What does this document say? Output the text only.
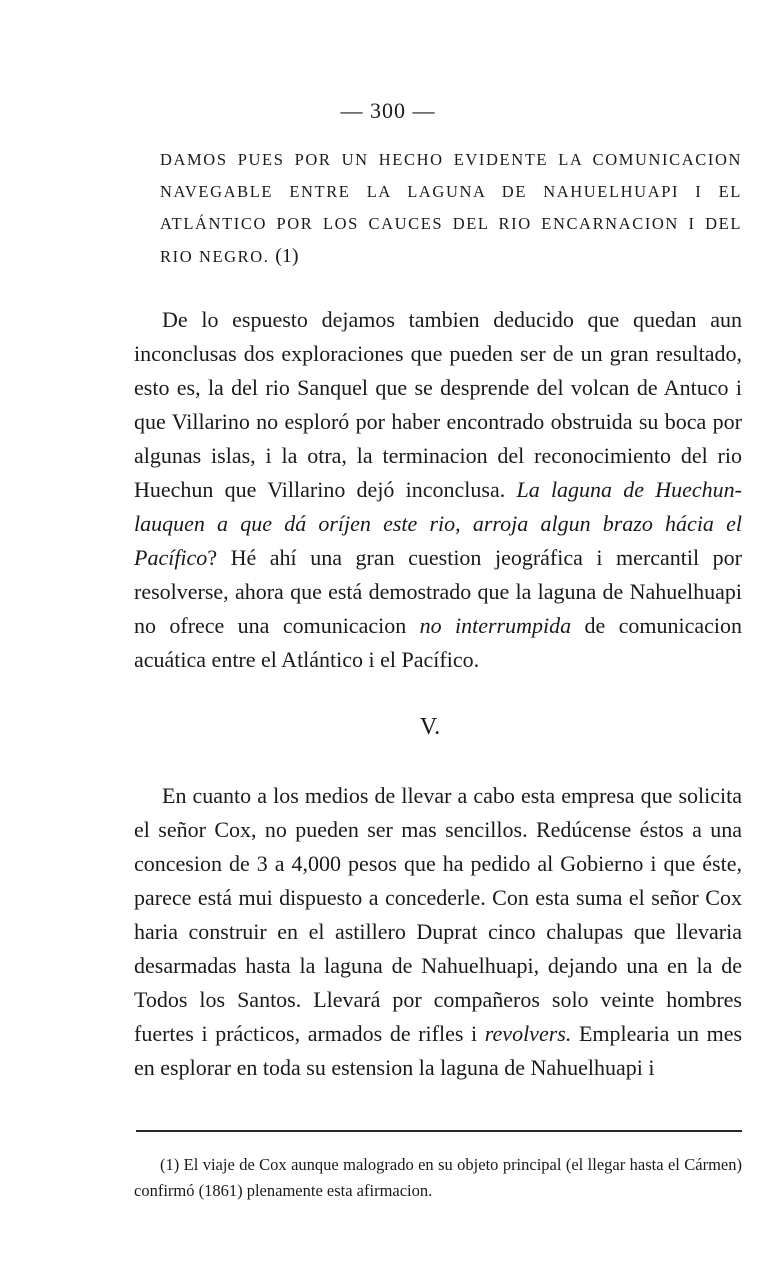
— 300 —
DAMOS PUES POR UN HECHO EVIDENTE LA COMUNICACION NAVEGABLE ENTRE LA LAGUNA DE NAHUELHUAPI I EL ATLÁNTICO POR LOS CAUCES DEL RIO ENCARNACION I DEL RIO NEGRO. (1)

De lo espuesto dejamos tambien deducido que quedan aun inconclusas dos exploraciones que pueden ser de un gran resultado, esto es, la del rio Sanquel que se desprende del volcan de Antuco i que Villarino no esploró por haber encontrado obstruida su boca por algunas islas, i la otra, la terminacion del reconocimiento del rio Huechun que Villarino dejó inconclusa. La laguna de Huechun-lauquen a que dá oríjen este rio, arroja algun brazo hácia el Pacífico? Hé ahí una gran cuestion jeográfica i mercantil por resolverse, ahora que está demostrado que la laguna de Nahuelhuapi no ofrece una comunicacion no interrumpida de comunicacion acuática entre el Atlántico i el Pacífico.

V.

En cuanto a los medios de llevar a cabo esta empresa que solicita el señor Cox, no pueden ser mas sencillos. Redúcense éstos a una concesion de 3 a 4,000 pesos que ha pedido al Gobierno i que éste, parece está mui dispuesto a concederle. Con esta suma el señor Cox haria construir en el astillero Duprat cinco chalupas que llevaria desarmadas hasta la laguna de Nahuelhuapi, dejando una en la de Todos los Santos. Llevará por compañeros solo veinte hombres fuertes i prácticos, armados de rifles i revolvers. Emplearia un mes en esplorar en toda su estension la laguna de Nahuelhuapi i

(1) El viaje de Cox aunque malogrado en su objeto principal (el llegar hasta el Cármen) confirmó (1861) plenamente esta afirmacion.
